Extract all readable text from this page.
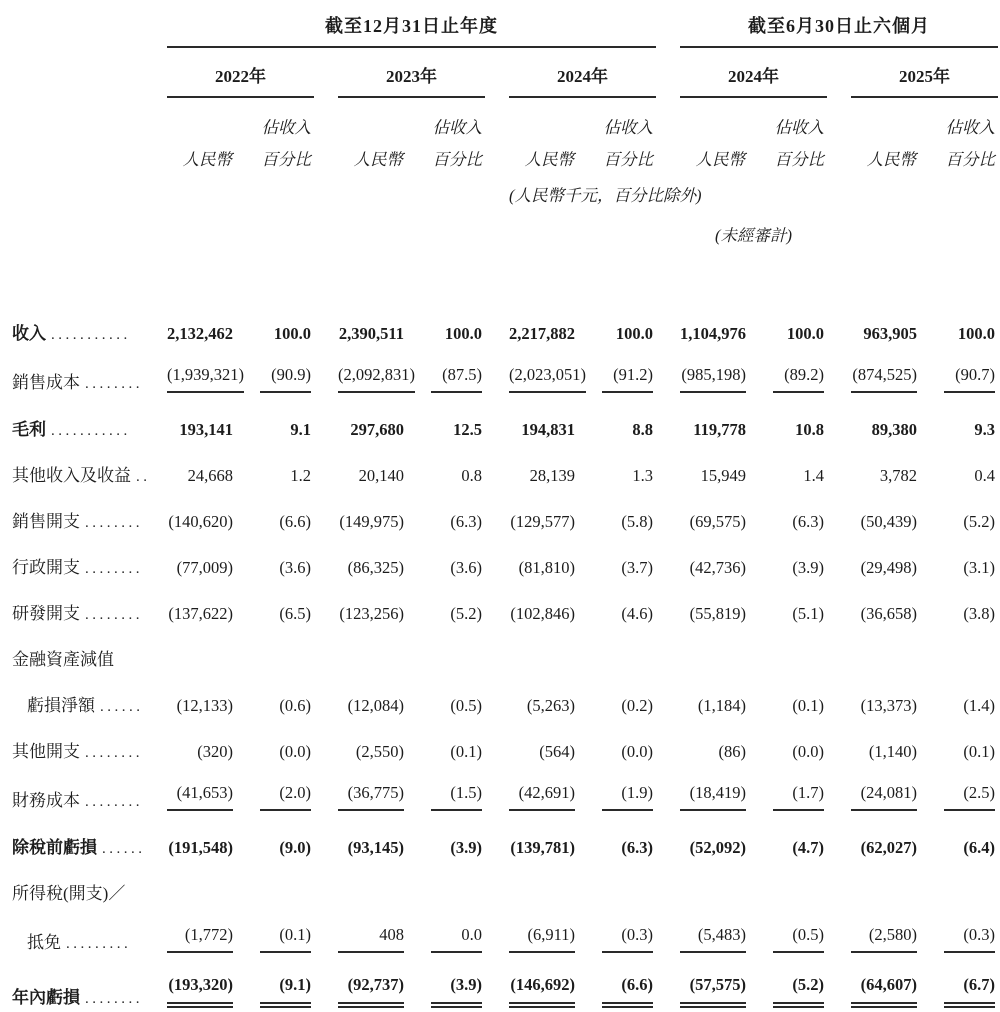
	截至12月31日止年度									截至6月30日止六個月				
	2022年			2023年			2024年			2024年			2025年	
		佔收入			佔收入			佔收入			佔收入			佔收入
	人民幣	百分比		人民幣	百分比		人民幣	百分比		人民幣	百分比		人民幣	百分比
							(人民幣千元，百分比除外)							
										(未經審計)				
收入 ...........	2,132,462	100.0		2,390,511	100.0		2,217,882	100.0		1,104,976	100.0		963,905	100.0
銷售成本 ........	(1,939,321)	(90.9)		(2,092,831)	(87.5)		(2,023,051)	(91.2)		(985,198)	(89.2)		(874,525)	(90.7)
毛利 ...........	193,141	9.1		297,680	12.5		194,831	8.8		119,778	10.8		89,380	9.3
其他收入及收益 ..	24,668	1.2		20,140	0.8		28,139	1.3		15,949	1.4		3,782	0.4
銷售開支 ........	(140,620)	(6.6)		(149,975)	(6.3)		(129,577)	(5.8)		(69,575)	(6.3)		(50,439)	(5.2)
行政開支 ........	(77,009)	(3.6)		(86,325)	(3.6)		(81,810)	(3.7)		(42,736)	(3.9)		(29,498)	(3.1)
研發開支 ........	(137,622)	(6.5)		(123,256)	(5.2)		(102,846)	(4.6)		(55,819)	(5.1)		(36,658)	(3.8)
金融資產減值														
虧損淨額 ......	(12,133)	(0.6)		(12,084)	(0.5)		(5,263)	(0.2)		(1,184)	(0.1)		(13,373)	(1.4)
其他開支 ........	(320)	(0.0)		(2,550)	(0.1)		(564)	(0.0)		(86)	(0.0)		(1,140)	(0.1)
財務成本 ........	(41,653)	(2.0)		(36,775)	(1.5)		(42,691)	(1.9)		(18,419)	(1.7)		(24,081)	(2.5)
除稅前虧損 ......	(191,548)	(9.0)		(93,145)	(3.9)		(139,781)	(6.3)		(52,092)	(4.7)		(62,027)	(6.4)
所得稅(開支)／														
抵免 .........	(1,772)	(0.1)		408	0.0		(6,911)	(0.3)		(5,483)	(0.5)		(2,580)	(0.3)
年內虧損 ........	(193,320)	(9.1)		(92,737)	(3.9)		(146,692)	(6.6)		(57,575)	(5.2)		(64,607)	(6.7)
